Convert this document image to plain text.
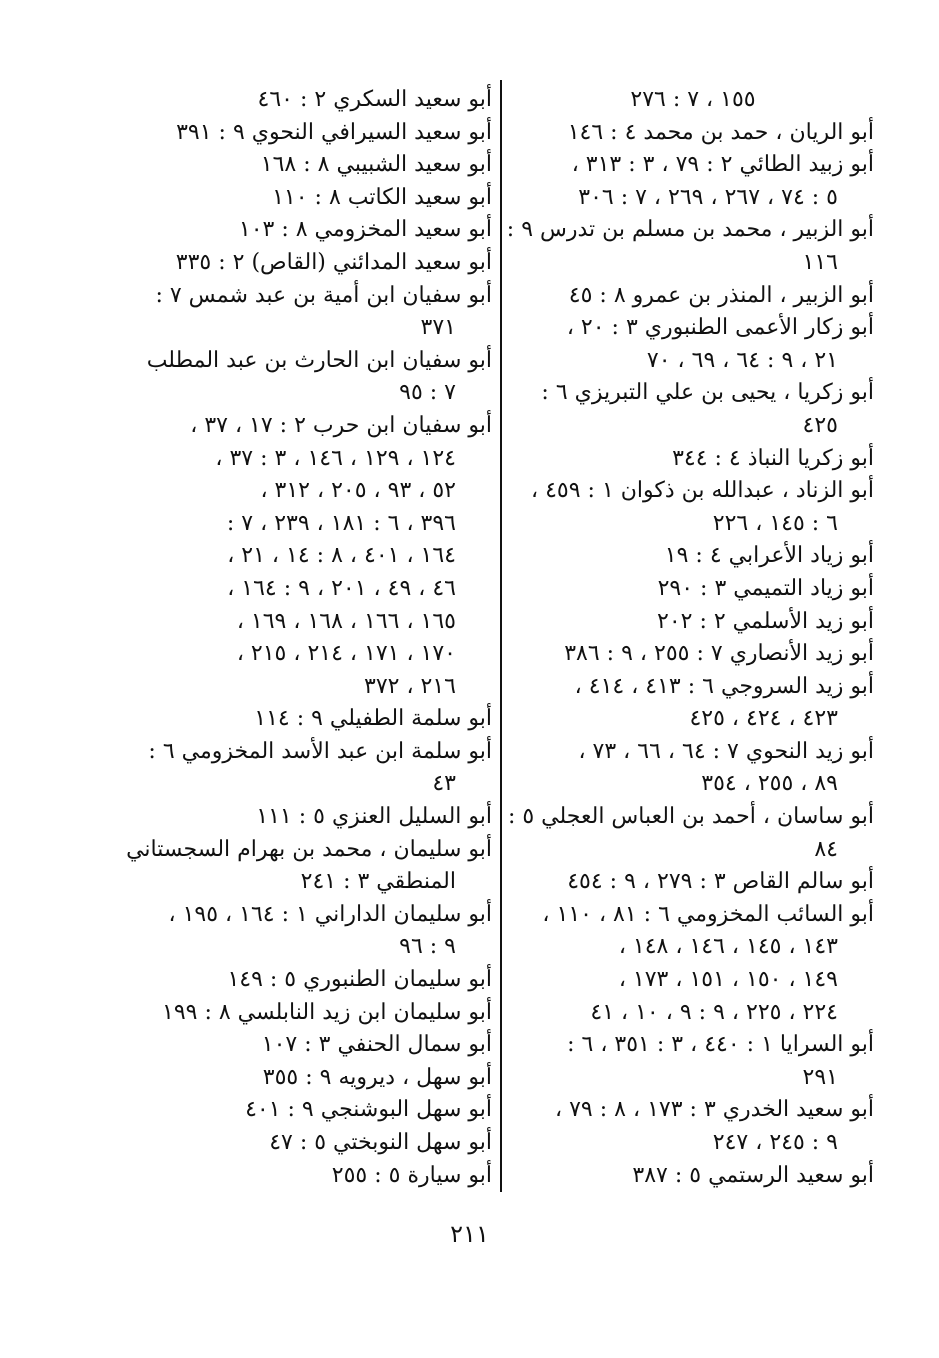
١٥٥ ، ٧ : ٢٧٦
أبو الريان ، حمد بن محمد ٤ : ١٤٦
أبو زبيد الطائي ٢ : ٧٩ ، ٣ : ٣١٣ ،
٥ : ٧٤ ، ٢٦٧ ، ٢٦٩ ، ٧ : ٣٠٦
أبو الزبير ، محمد بن مسلم بن تدرس ٩ :
١١٦
أبو الزبير ، المنذر بن عمرو ٨ : ٤٥
أبو زكار الأعمى الطنبوري ٣ : ٢٠ ،
٢١ ، ٩ : ٦٤ ، ٦٩ ، ٧٠
أبو زكريا ، يحيى بن علي التبريزي ٦ :
٤٢٥
أبو زكريا النباذ ٤ : ٣٤٤
أبو الزناد ، عبدالله بن ذكوان ١ : ٤٥٩ ،
٦ : ١٤٥ ، ٢٢٦
أبو زياد الأعرابي ٤ : ١٩
أبو زياد التميمي ٣ : ٢٩٠
أبو زيد الأسلمي ٢ : ٢٠٢
أبو زيد الأنصاري ٧ : ٢٥٥ ، ٩ : ٣٨٦
أبو زيد السروجي ٦ : ٤١٣ ، ٤١٤ ،
٤٢٣ ، ٤٢٤ ، ٤٢٥
أبو زيد النحوي ٧ : ٦٤ ، ٦٦ ، ٧٣ ،
٨٩ ، ٢٥٥ ، ٣٥٤
أبو ساسان ، أحمد بن العباس العجلي ٥ :
٨٤
أبو سالم القاص ٣ : ٢٧٩ ، ٩ : ٤٥٤
أبو السائب المخزومي ٦ : ٨١ ، ١١٠ ،
١٤٣ ، ١٤٥ ، ١٤٦ ، ١٤٨ ،
١٤٩ ، ١٥٠ ، ١٥١ ، ١٧٣ ،
٢٢٤ ، ٢٢٥ ، ٩ : ٩ ، ١٠ ، ٤١
أبو السرايا ١ : ٤٤٠ ، ٣ : ٣٥١ ، ٦ :
٢٩١
أبو سعيد الخدري ٣ : ١٧٣ ، ٨ : ٧٩ ،
٩ : ٢٤٥ ، ٢٤٧
أبو سعيد الرستمي ٥ : ٣٨٧
أبو سعيد السكري ٢ : ٤٦٠
أبو سعيد السيرافي النحوي ٩ : ٣٩١
أبو سعيد الشبيبي ٨ : ١٦٨
أبو سعيد الكاتب ٨ : ١١٠
أبو سعيد المخزومي ٨ : ١٠٣
أبو سعيد المدائني (القاص) ٢ : ٣٣٥
أبو سفيان ابن أمية بن عبد شمس ٧ :
٣٧١
أبو سفيان ابن الحارث بن عبد المطلب
٧ : ٩٥
أبو سفيان ابن حرب ٢ : ١٧ ، ٣٧ ،
١٢٤ ، ١٢٩ ، ١٤٦ ، ٣ : ٣٧ ،
٥٢ ، ٩٣ ، ٢٠٥ ، ٣١٢ ،
٣٩٦ ، ٦ : ١٨١ ، ٢٣٩ ، ٧ :
١٦٤ ، ٤٠١ ، ٨ : ١٤ ، ٢١ ،
٤٦ ، ٤٩ ، ٢٠١ ، ٩ : ١٦٤ ،
١٦٥ ، ١٦٦ ، ١٦٨ ، ١٦٩ ،
١٧٠ ، ١٧١ ، ٢١٤ ، ٢١٥ ،
٢١٦ ، ٣٧٢
أبو سلمة الطفيلي ٩ : ١١٤
أبو سلمة ابن عبد الأسد المخزومي ٦ :
٤٣
أبو السليل العنزي ٥ : ١١١
أبو سليمان ، محمد بن بهرام السجستاني
المنطقي ٣ : ٢٤١
أبو سليمان الداراني ١ : ١٦٤ ، ١٩٥ ،
٩ : ٩٦
أبو سليمان الطنبوري ٥ : ١٤٩
أبو سليمان ابن زيد النابلسي ٨ : ١٩٩
أبو سمال الحنفي ٣ : ١٠٧
أبو سهل ، ديرويه ٩ : ٣٥٥
أبو سهل البوشنجي ٩ : ٤٠١
أبو سهل النوبختي ٥ : ٤٧
أبو سيارة ٥ : ٢٥٥
٢١١
